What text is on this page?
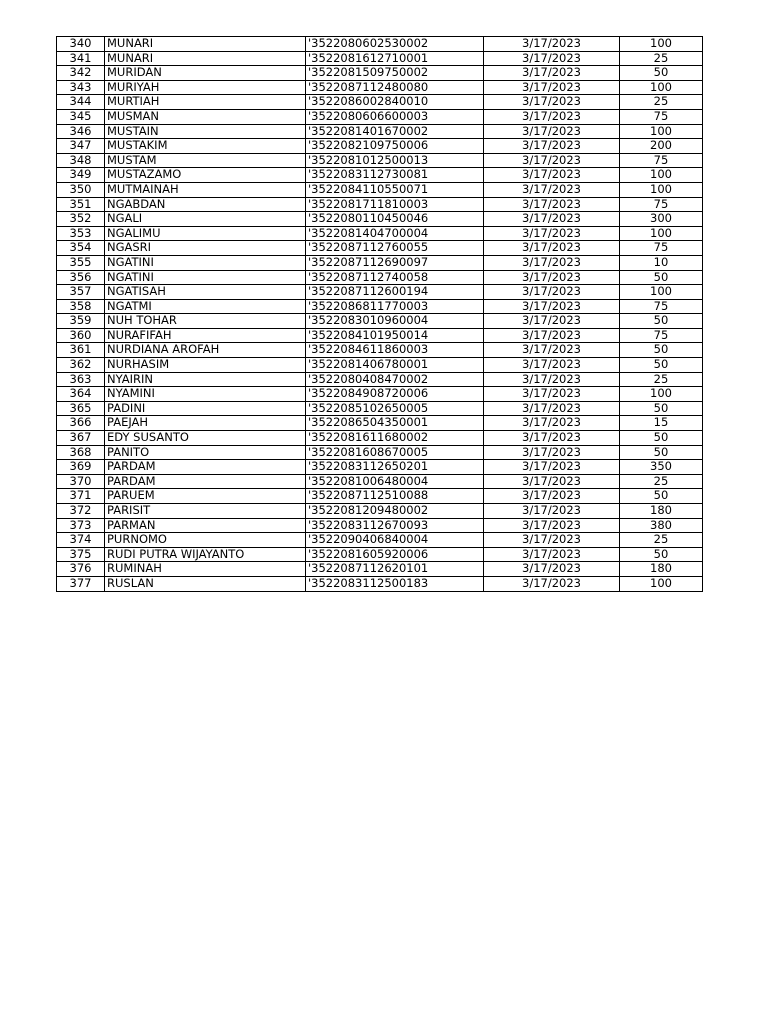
340	MUNARI	'3522080602530002	3/17/2023	100
341	MUNARI	'3522081612710001	3/17/2023	25
342	MURIDAN	'3522081509750002	3/17/2023	50
343	MURIYAH	'3522087112480080	3/17/2023	100
344	MURTIAH	'3522086002840010	3/17/2023	25
345	MUSMAN	'3522080606600003	3/17/2023	75
346	MUSTAIN	'3522081401670002	3/17/2023	100
347	MUSTAKIM	'3522082109750006	3/17/2023	200
348	MUSTAM	'3522081012500013	3/17/2023	75
349	MUSTAZAMO	'3522083112730081	3/17/2023	100
350	MUTMAINAH	'3522084110550071	3/17/2023	100
351	NGABDAN	'3522081711810003	3/17/2023	75
352	NGALI	'3522080110450046	3/17/2023	300
353	NGALIMU	'3522081404700004	3/17/2023	100
354	NGASRI	'3522087112760055	3/17/2023	75
355	NGATINI	'3522087112690097	3/17/2023	10
356	NGATINI	'3522087112740058	3/17/2023	50
357	NGATISAH	'3522087112600194	3/17/2023	100
358	NGATMI	'3522086811770003	3/17/2023	75
359	NUH TOHAR	'3522083010960004	3/17/2023	50
360	NURAFIFAH	'3522084101950014	3/17/2023	75
361	NURDIANA AROFAH	'3522084611860003	3/17/2023	50
362	NURHASIM	'3522081406780001	3/17/2023	50
363	NYAIRIN	'3522080408470002	3/17/2023	25
364	NYAMINI	'3522084908720006	3/17/2023	100
365	PADINI	'3522085102650005	3/17/2023	50
366	PAEJAH	'3522086504350001	3/17/2023	15
367	EDY SUSANTO	'3522081611680002	3/17/2023	50
368	PANITO	'3522081608670005	3/17/2023	50
369	PARDAM	'3522083112650201	3/17/2023	350
370	PARDAM	'3522081006480004	3/17/2023	25
371	PARUEM	'3522087112510088	3/17/2023	50
372	PARISIT	'3522081209480002	3/17/2023	180
373	PARMAN	'3522083112670093	3/17/2023	380
374	PURNOMO	'3522090406840004	3/17/2023	25
375	RUDI PUTRA WIJAYANTO	'3522081605920006	3/17/2023	50
376	RUMINAH	'3522087112620101	3/17/2023	180
377	RUSLAN	'3522083112500183	3/17/2023	100
